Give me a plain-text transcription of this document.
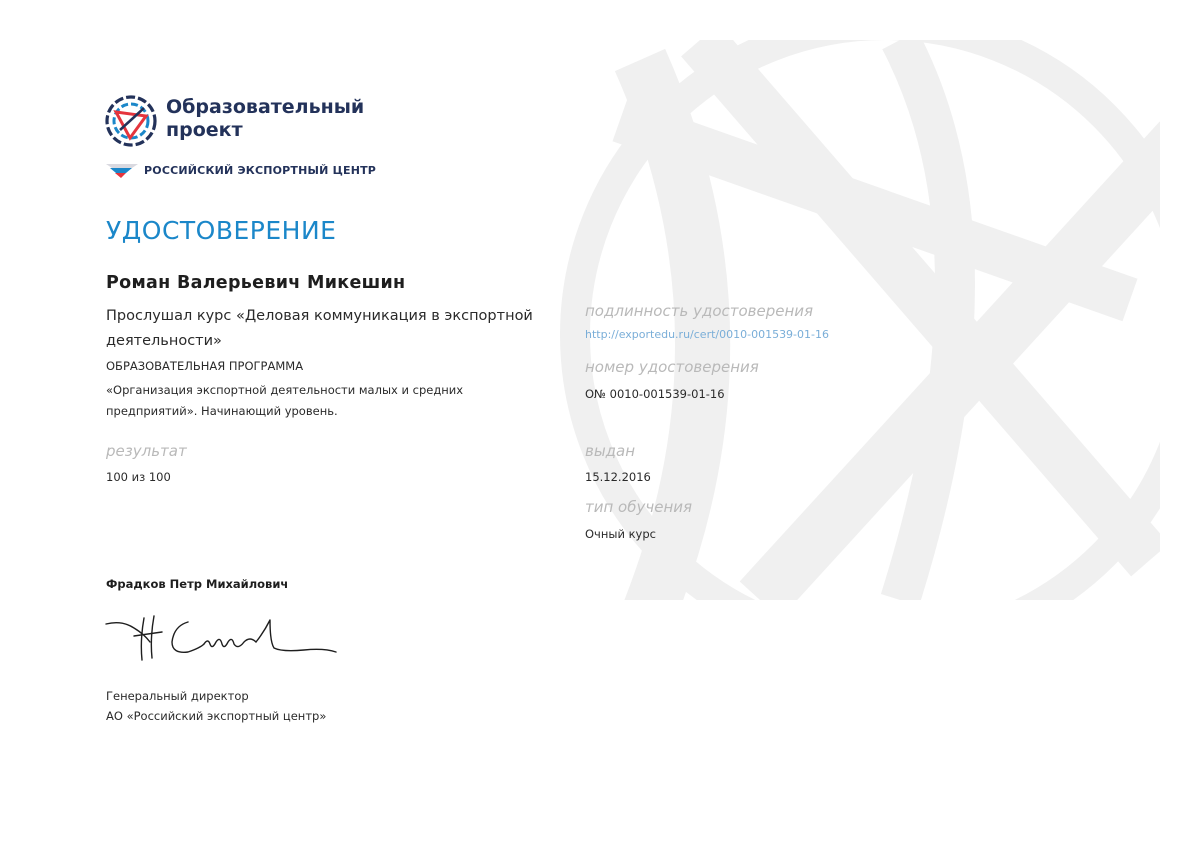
Образовательный
проект
РОССИЙСКИЙ ЭКСПОРТНЫЙ ЦЕНТР
УДОСТОВЕРЕНИЕ
Роман Валерьевич Микешин
Прослушал курс «Деловая коммуникация в экспортной деятельности»
ОБРАЗОВАТЕЛЬНАЯ ПРОГРАММА
«Организация экспортной деятельности малых и средних предприятий». Начинающий уровень.
результат
100 из 100
подлинность удостоверения
http://exportedu.ru/cert/0010-001539-01-16
номер удостоверения
О№ 0010-001539-01-16
выдан
15.12.2016
тип обучения
Очный курс
Фрадков Петр Михайлович
Генеральный директор
АО «Российский экспортный центр»
